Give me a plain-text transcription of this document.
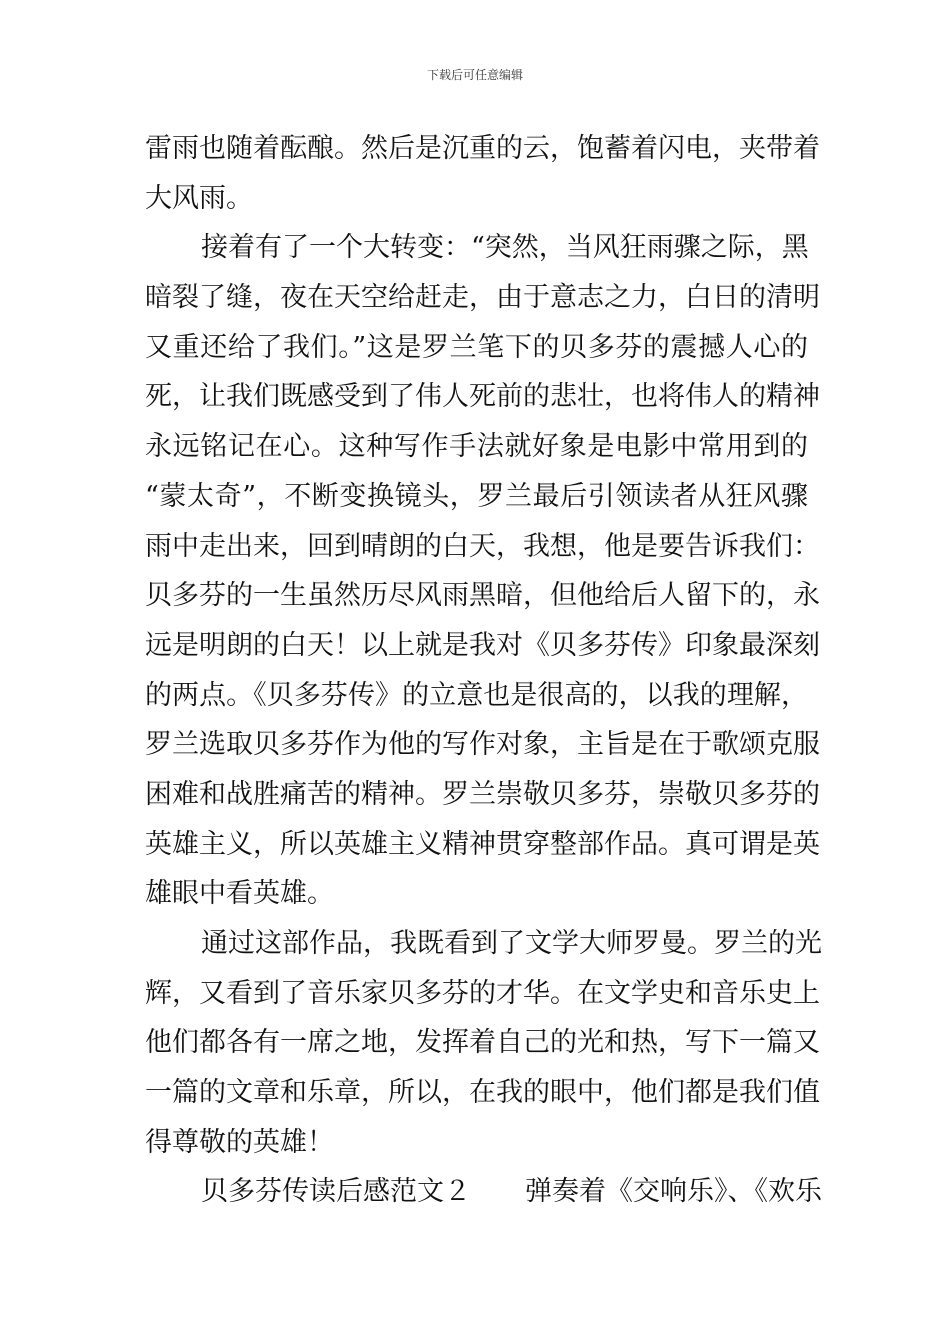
下载后可任意编辑
雷雨也随着酝酿。然后是沉重的云，饱蓄着闪电，夹带着
大风雨。
接着有了一个大转变：“突然，当风狂雨骤之际，黑
暗裂了缝，夜在天空给赶走，由于意志之力，白日的清明
又重还给了我们。”这是罗兰笔下的贝多芬的震撼人心的
死，让我们既感受到了伟人死前的悲壮，也将伟人的精神
永远铭记在心。这种写作手法就好象是电影中常用到的
“蒙太奇”，不断变换镜头，罗兰最后引领读者从狂风骤
雨中走出来，回到晴朗的白天，我想，他是要告诉我们：
贝多芬的一生虽然历尽风雨黑暗，但他给后人留下的，永
远是明朗的白天！以上就是我对《贝多芬传》印象最深刻
的两点。《贝多芬传》的立意也是很高的，以我的理解，
罗兰选取贝多芬作为他的写作对象，主旨是在于歌颂克服
困难和战胜痛苦的精神。罗兰崇敬贝多芬，崇敬贝多芬的
英雄主义，所以英雄主义精神贯穿整部作品。真可谓是英
雄眼中看英雄。
通过这部作品，我既看到了文学大师罗曼。罗兰的光
辉，又看到了音乐家贝多芬的才华。在文学史和音乐史上
他们都各有一席之地，发挥着自己的光和热，写下一篇又
一篇的文章和乐章，所以，在我的眼中，他们都是我们值
得尊敬的英雄！
贝多芬传读后感范文２　　弹奏着《交响乐》、《欢乐
